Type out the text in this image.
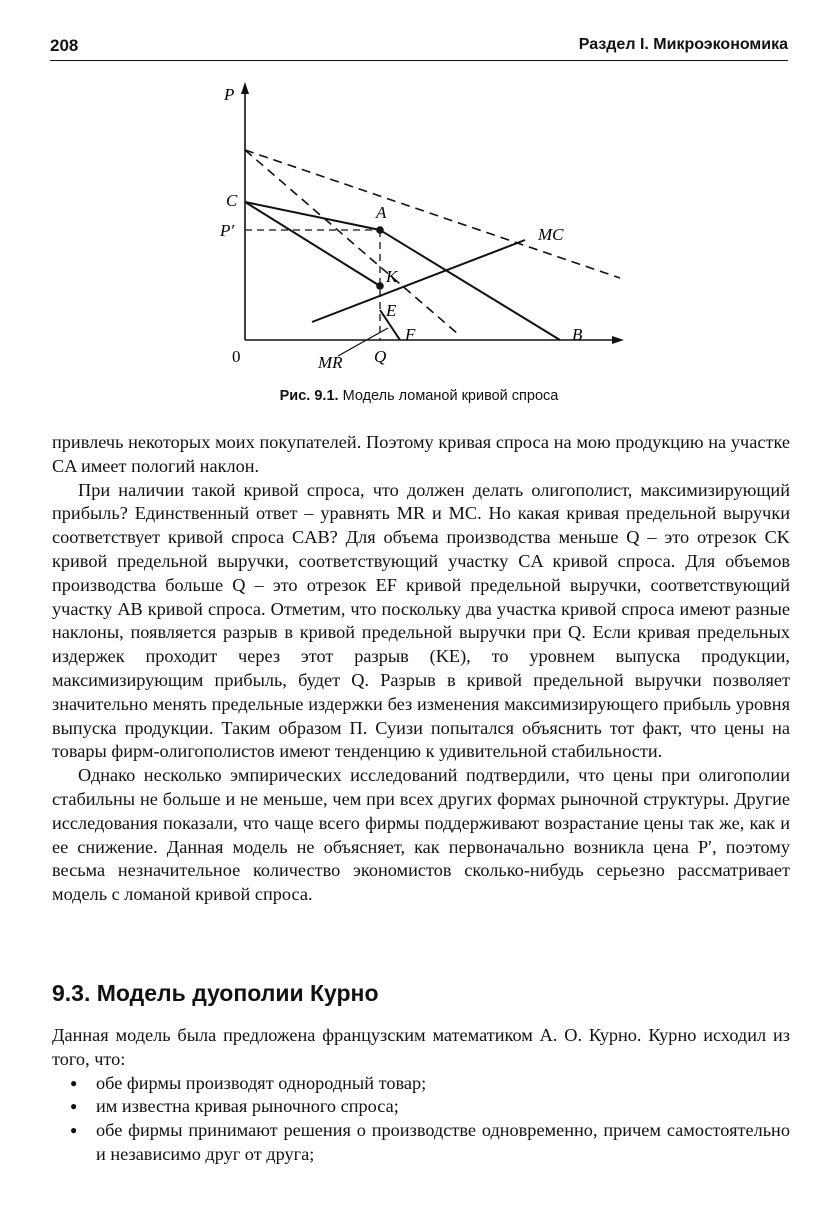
208	Раздел I. Микроэкономика
P
0
C
P′
A
MC
K
E
F	B
MR Q
Рис. 9.1. Модель ломаной кривой спроса

привлечь некоторых моих покупателей. Поэтому кривая спроса на мою продукцию на участке CA имеет пологий наклон.

При наличии такой кривой спроса, что должен делать олигополист, максимизирующий прибыль? Единственный ответ – уравнять MR и MC. Но какая кривая предельной выручки соответствует кривой спроса CAB? Для объема производства меньше Q – это отрезок CK кривой предельной выручки, соответствующий участку CA кривой спроса. Для объемов производства больше Q – это отрезок EF кривой предельной выручки, соответствующий участку AB кривой спроса. Отметим, что поскольку два участка кривой спроса имеют разные наклоны, появляется разрыв в кривой предельной выручки при Q. Если кривая предельных издержек проходит через этот разрыв (KE), то уровнем выпуска продукции, максимизирующим прибыль, будет Q. Разрыв в кривой предельной выручки позволяет значительно менять предельные издержки без изменения максимизирующего прибыль уровня выпуска продукции. Таким образом П. Суизи попытался объяснить тот факт, что цены на товары фирм-олигополистов имеют тенденцию к удивительной стабильности.

Однако несколько эмпирических исследований подтвердили, что цены при олигополии стабильны не больше и не меньше, чем при всех других формах рыночной структуры. Другие исследования показали, что чаще всего фирмы поддерживают возрастание цены так же, как и ее снижение. Данная модель не объясняет, как первоначально возникла цена P′, поэтому весьма незначительное количество экономистов сколько-нибудь серьезно рассматривает модель с ломаной кривой спроса.

9.3. Модель дуополии Курно

Данная модель была предложена французским математиком А. О. Курно. Курно исходил из того, что:

● обе фирмы производят однородный товар;
● им известна кривая рыночного спроса;
● обе фирмы принимают решения о производстве одновременно, причем самостоятельно и независимо друг от друга;
